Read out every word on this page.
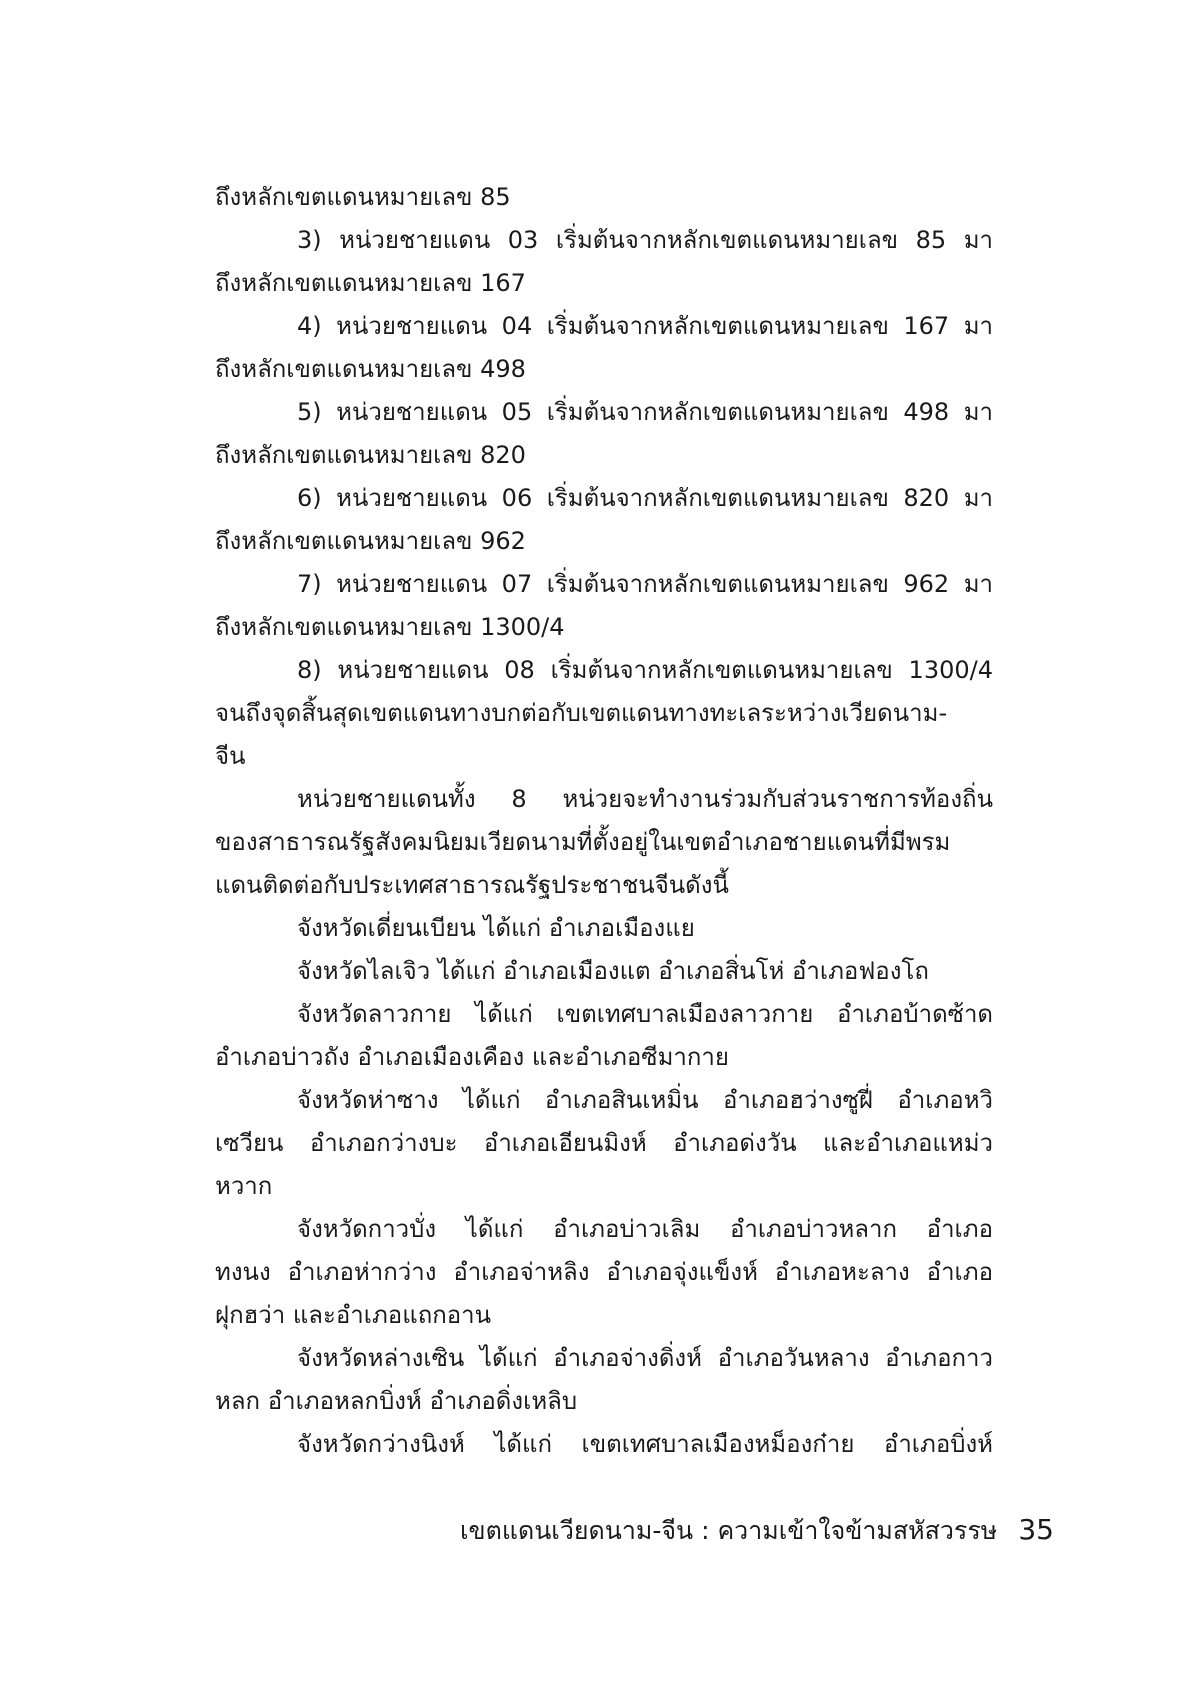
ถึงหลักเขตแดนหมายเลข 85
3) หน่วยชายแดน 03 เริ่มต้นจากหลักเขตแดนหมายเลข 85 มา
ถึงหลักเขตแดนหมายเลข 167
4) หน่วยชายแดน 04 เริ่มต้นจากหลักเขตแดนหมายเลข 167 มา
ถึงหลักเขตแดนหมายเลข 498
5) หน่วยชายแดน 05 เริ่มต้นจากหลักเขตแดนหมายเลข 498 มา
ถึงหลักเขตแดนหมายเลข 820
6) หน่วยชายแดน 06 เริ่มต้นจากหลักเขตแดนหมายเลข 820 มา
ถึงหลักเขตแดนหมายเลข 962
7) หน่วยชายแดน 07 เริ่มต้นจากหลักเขตแดนหมายเลข 962 มา
ถึงหลักเขตแดนหมายเลข 1300/4
8) หน่วยชายแดน 08 เริ่มต้นจากหลักเขตแดนหมายเลข 1300/4
จนถึงจุดสิ้นสุดเขตแดนทางบกต่อกับเขตแดนทางทะเลระหว่างเวียดนาม-
จีน
หน่วยชายแดนทั้ง 8 หน่วยจะทำงานร่วมกับส่วนราชการท้องถิ่น
ของสาธารณรัฐสังคมนิยมเวียดนามที่ตั้งอยู่ในเขตอำเภอชายแดนที่มีพรม
แดนติดต่อกับประเทศสาธารณรัฐประชาชนจีนดังนี้
จังหวัดเดี่ยนเบียน ได้แก่ อำเภอเมืองแย
จังหวัดไลเจิว ได้แก่ อำเภอเมืองแต อำเภอสิ่นโห่ อำเภอฟองโถ
จังหวัดลาวกาย ได้แก่ เขตเทศบาลเมืองลาวกาย อำเภอบ้าดซ้าด
อำเภอบ่าวถัง อำเภอเมืองเคือง และอำเภอซีมากาย
จังหวัดห่าซาง ได้แก่ อำเภอสินเหมิ่น อำเภอฮว่างซูฝี่ อำเภอหวิ
เซวียน อำเภอกว่างบะ อำเภอเอียนมิงห์ อำเภอด่งวัน และอำเภอแหม่ว
หวาก
จังหวัดกาวบั่ง ได้แก่ อำเภอบ่าวเลิม อำเภอบ่าวหลาก อำเภอ
ทงนง อำเภอห่ากว่าง อำเภอจ่าหลิง อำเภอจุ่งแข็งห์ อำเภอหะลาง อำเภอ
ฝุกฮว่า และอำเภอแถกอาน
จังหวัดหล่างเซิน ได้แก่ อำเภอจ่างดิ่งห์ อำเภอวันหลาง อำเภอกาว
หลก อำเภอหลกบิ่งห์ อำเภอดิ่งเหลิบ
จังหวัดกว่างนิงห์ ได้แก่ เขตเทศบาลเมืองหม็องก๋าย อำเภอบิ่งห์
เขตแดนเวียดนาม-จีน : ความเข้าใจข้ามสหัสวรรษ 35
